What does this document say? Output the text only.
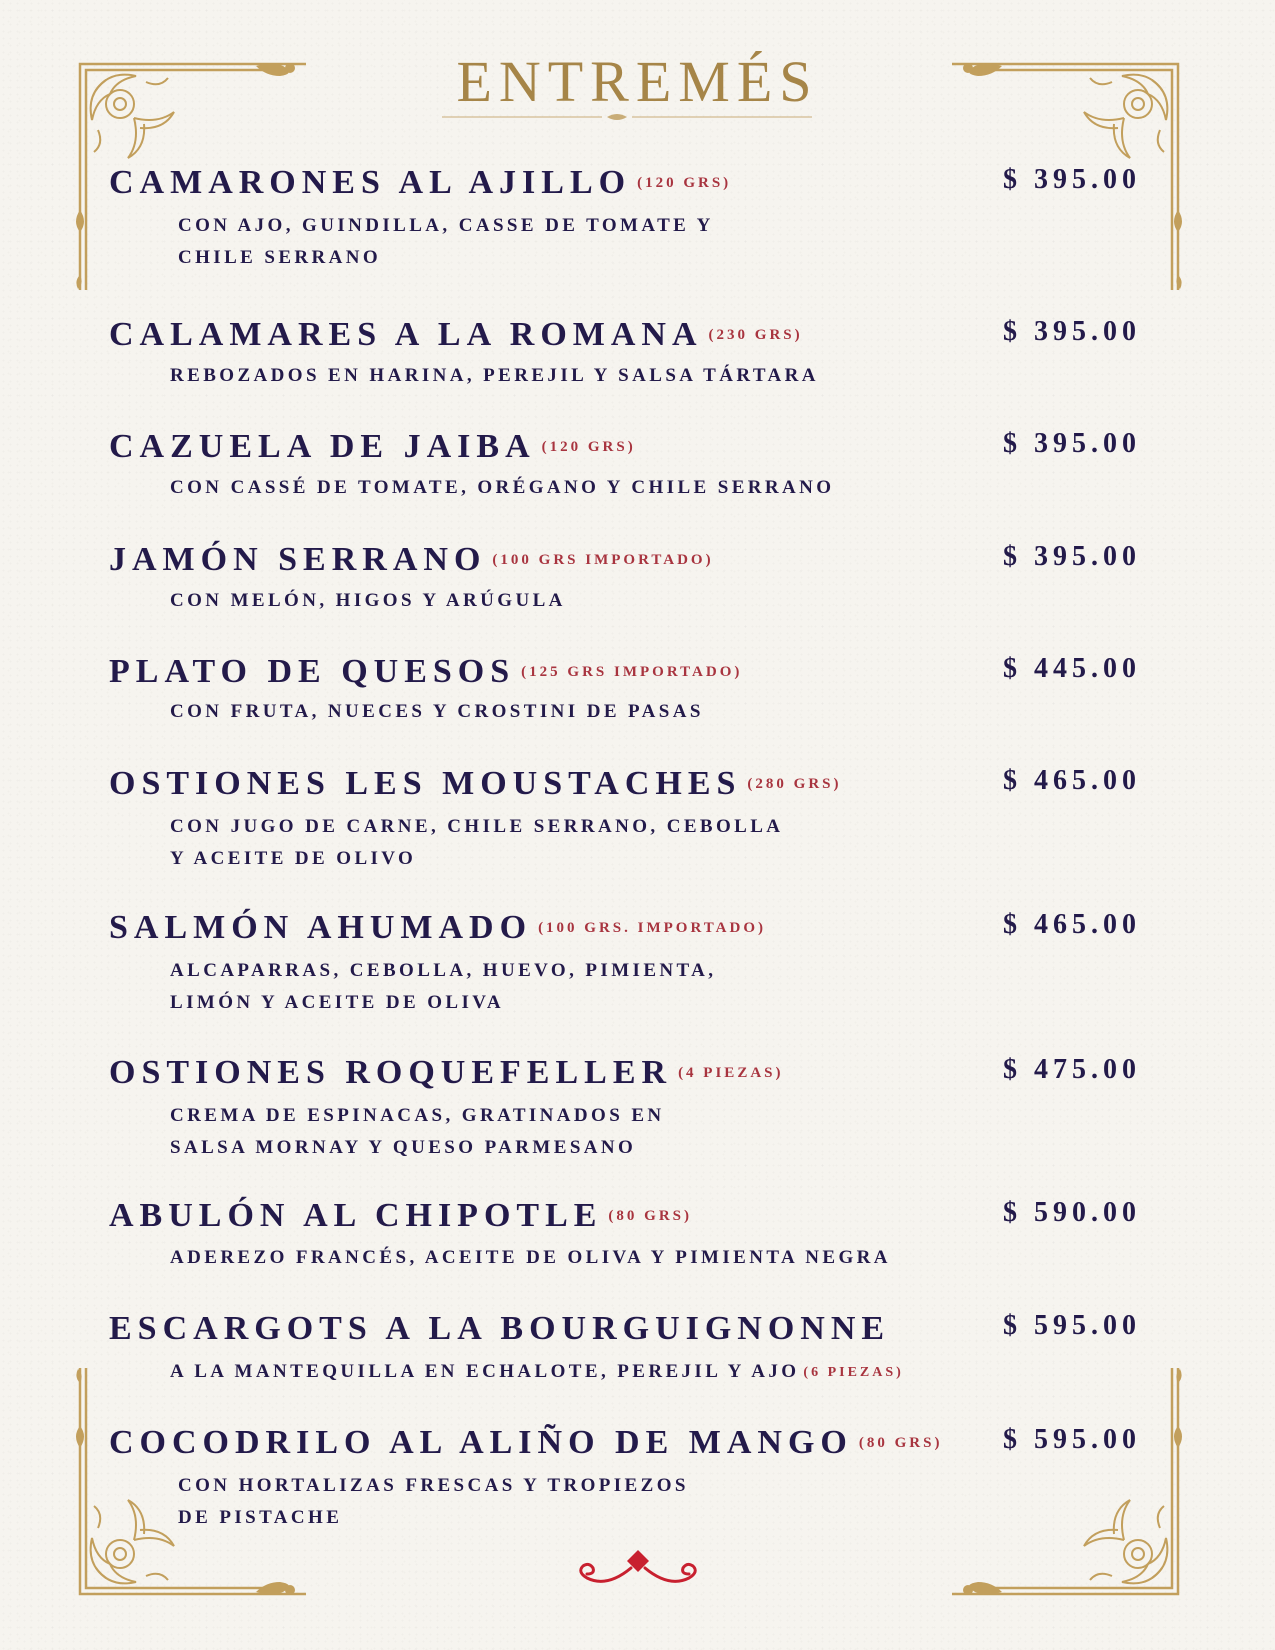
ENTREMÉS
CAMARONES AL AJILLO (120 GRS)	$ 395.00
CON AJO, GUINDILLA, CASSE DE TOMATE Y
CHILE SERRANO
CALAMARES A LA ROMANA (230 GRS)	$ 395.00
REBOZADOS EN HARINA, PEREJIL Y SALSA TÁRTARA
CAZUELA DE JAIBA (120 GRS)	$ 395.00
CON CASSÉ DE TOMATE, ORÉGANO Y CHILE SERRANO
JAMÓN SERRANO (100 GRS IMPORTADO)	$ 395.00
CON MELÓN, HIGOS Y ARÚGULA
PLATO DE QUESOS (125 GRS IMPORTADO)	$ 445.00
CON FRUTA, NUECES Y CROSTINI DE PASAS
OSTIONES LES MOUSTACHES (280 GRS)	$ 465.00
CON JUGO DE CARNE, CHILE SERRANO, CEBOLLA
Y ACEITE DE OLIVO
SALMÓN AHUMADO (100 GRS. IMPORTADO)	$ 465.00
ALCAPARRAS, CEBOLLA, HUEVO, PIMIENTA,
LIMÓN Y ACEITE DE OLIVA
OSTIONES ROQUEFELLER (4 PIEZAS)	$ 475.00
CREMA DE ESPINACAS, GRATINADOS EN
SALSA MORNAY Y QUESO PARMESANO
ABULÓN AL CHIPOTLE (80 GRS)	$ 590.00
ADEREZO FRANCÉS, ACEITE DE OLIVA Y PIMIENTA NEGRA
ESCARGOTS A LA BOURGUIGNONNE	$ 595.00
A LA MANTEQUILLA EN ECHALOTE, PEREJIL Y AJO (6 PIEZAS)
COCODRILO AL ALIÑO DE MANGO (80 GRS) $ 595.00
CON HORTALIZAS FRESCAS Y TROPIEZOS
DE PISTACHE
